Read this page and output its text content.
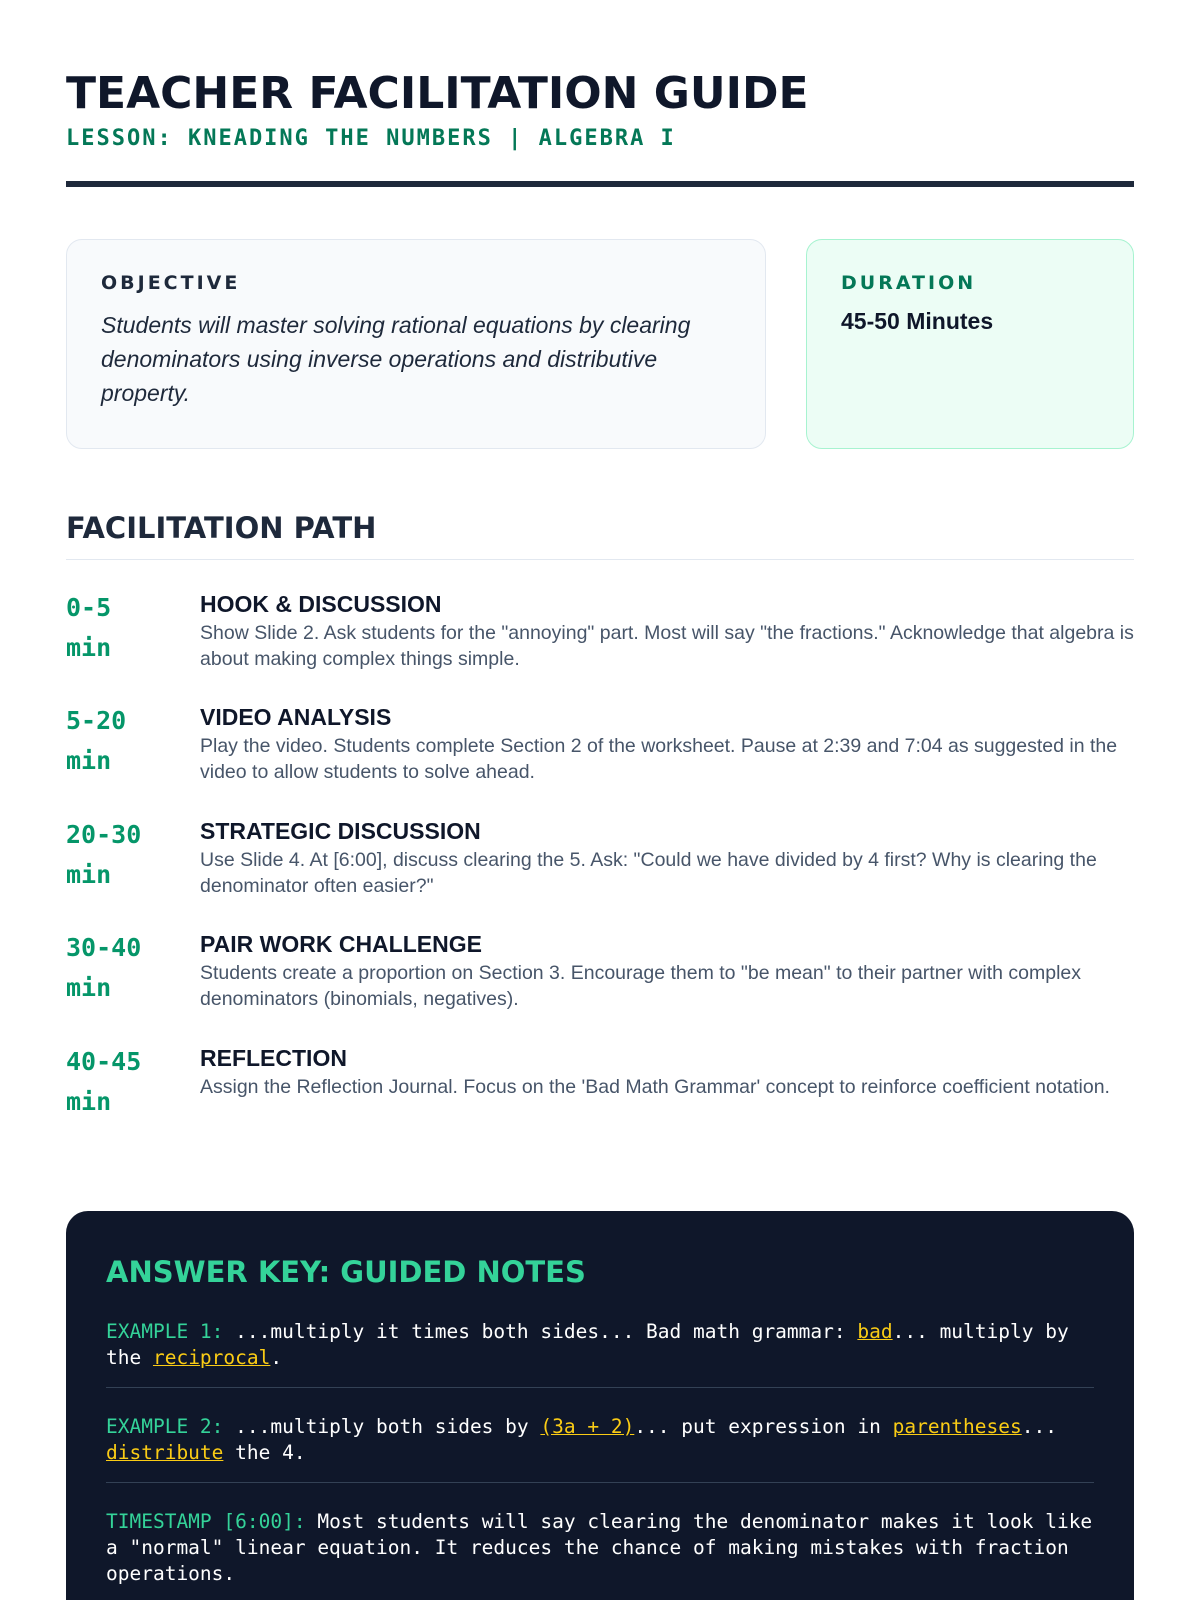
TEACHER FACILITATION GUIDE
LESSON: KNEADING THE NUMBERS | ALGEBRA I
OBJECTIVE
Students will master solving rational equations by clearing denominators using inverse operations and distributive property.
DURATION
45-50 Minutes
FACILITATION PATH
0-5
min
HOOK & DISCUSSION
Show Slide 2. Ask students for the "annoying" part. Most will say "the fractions." Acknowledge that algebra is about making complex things simple.
5-20
min
VIDEO ANALYSIS
Play the video. Students complete Section 2 of the worksheet. Pause at 2:39 and 7:04 as suggested in the video to allow students to solve ahead.
20-30
min
STRATEGIC DISCUSSION
Use Slide 4. At [6:00], discuss clearing the 5. Ask: "Could we have divided by 4 first? Why is clearing the denominator often easier?"
30-40
min
PAIR WORK CHALLENGE
Students create a proportion on Section 3. Encourage them to "be mean" to their partner with complex denominators (binomials, negatives).
40-45
min
REFLECTION
Assign the Reflection Journal. Focus on the 'Bad Math Grammar' concept to reinforce coefficient notation.
ANSWER KEY: GUIDED NOTES
EXAMPLE 1: ...multiply it times both sides... Bad math grammar: bad... multiply by the reciprocal.
EXAMPLE 2: ...multiply both sides by (3a + 2)... put expression in parentheses... distribute the 4.
TIMESTAMP [6:00]: Most students will say clearing the denominator makes it look like a "normal" linear equation. It reduces the chance of making mistakes with fraction operations.
